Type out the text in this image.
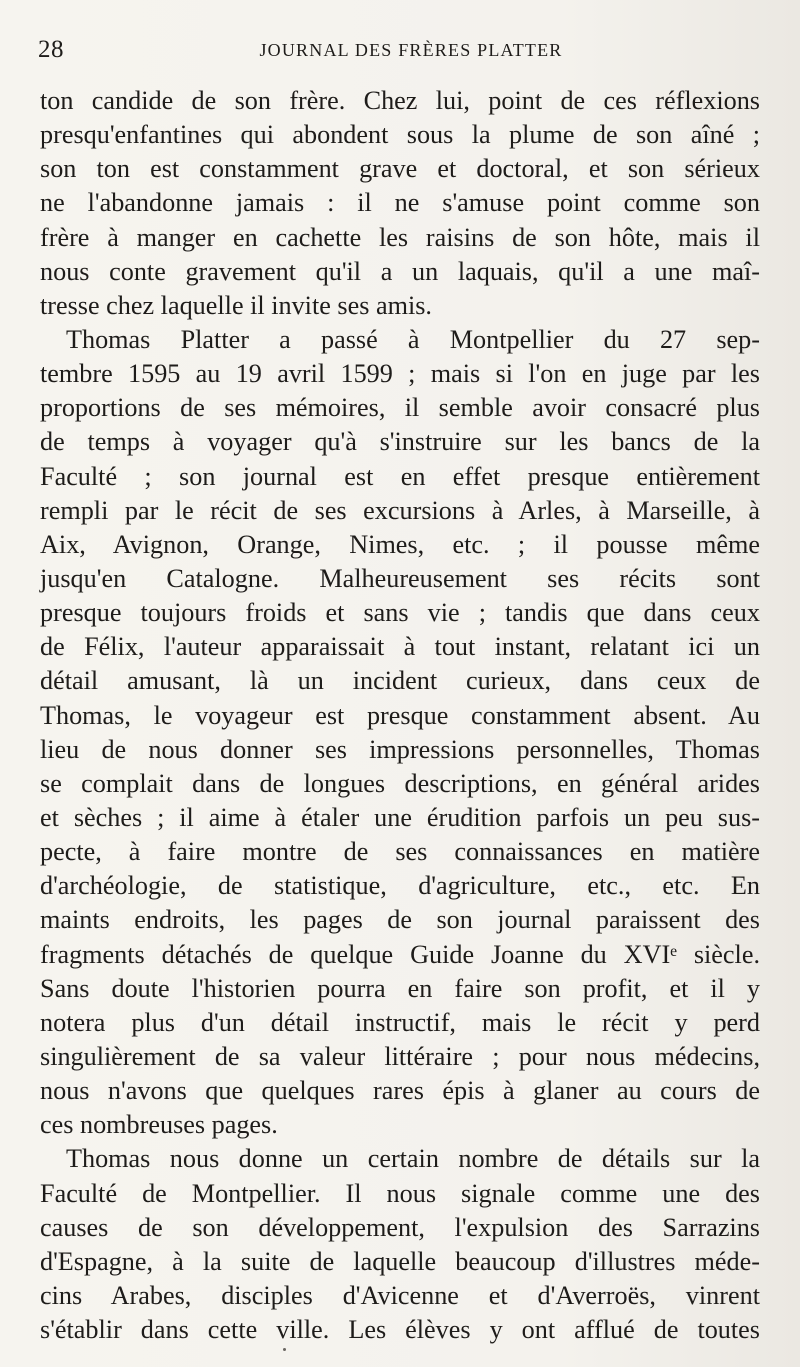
28	JOURNAL DES FRÈRES PLATTER
ton candide de son frère. Chez lui, point de ces réflexions
presqu'enfantines qui abondent sous la plume de son aîné ;
son ton est constamment grave et doctoral, et son sérieux
ne l'abandonne jamais : il ne s'amuse point comme son
frère à manger en cachette les raisins de son hôte, mais il
nous conte gravement qu'il a un laquais, qu'il a une maî-
tresse chez laquelle il invite ses amis.
Thomas Platter a passé à Montpellier du 27 sep-
tembre 1595 au 19 avril 1599 ; mais si l'on en juge par les
proportions de ses mémoires, il semble avoir consacré plus
de temps à voyager qu'à s'instruire sur les bancs de la
Faculté ; son journal est en effet presque entièrement
rempli par le récit de ses excursions à Arles, à Marseille, à
Aix, Avignon, Orange, Nimes, etc. ; il pousse même
jusqu'en Catalogne. Malheureusement ses récits sont
presque toujours froids et sans vie ; tandis que dans ceux
de Félix, l'auteur apparaissait à tout instant, relatant ici un
détail amusant, là un incident curieux, dans ceux de
Thomas, le voyageur est presque constamment absent. Au
lieu de nous donner ses impressions personnelles, Thomas
se complait dans de longues descriptions, en général arides
et sèches ; il aime à étaler une érudition parfois un peu sus-
pecte, à faire montre de ses connaissances en matière
d'archéologie, de statistique, d'agriculture, etc., etc. En
maints endroits, les pages de son journal paraissent des
fragments détachés de quelque Guide Joanne du XVIᵉ siècle.
Sans doute l'historien pourra en faire son profit, et il y
notera plus d'un détail instructif, mais le récit y perd
singulièrement de sa valeur littéraire ; pour nous médecins,
nous n'avons que quelques rares épis à glaner au cours de
ces nombreuses pages.
Thomas nous donne un certain nombre de détails sur la
Faculté de Montpellier. Il nous signale comme une des
causes de son développement, l'expulsion des Sarrazins
d'Espagne, à la suite de laquelle beaucoup d'illustres méde-
cins Arabes, disciples d'Avicenne et d'Averroës, vinrent
s'établir dans cette ville. Les élèves y ont afflué de toutes
